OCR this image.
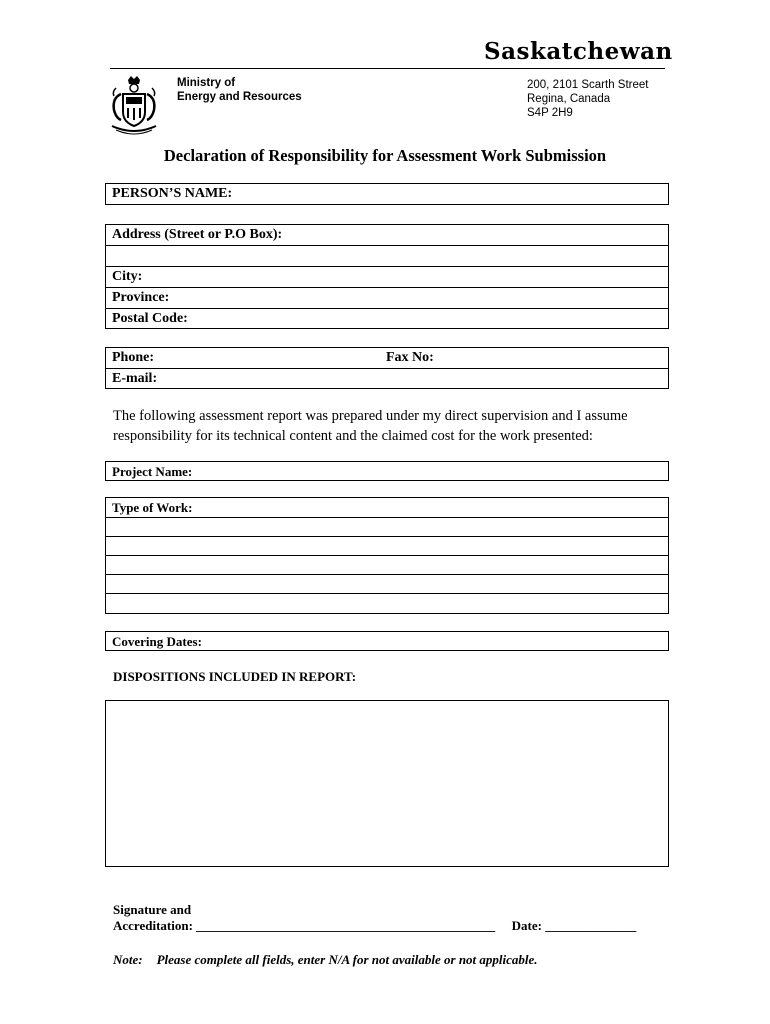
Saskatchewan
Ministry of
Energy and Resources
200, 2101 Scarth Street
Regina, Canada
S4P 2H9
Declaration of Responsibility for Assessment Work Submission
PERSON’S NAME:
Address (Street or P.O Box):
City:
Province:
Postal Code:
Phone:	Fax No:
E-mail:
The following assessment report was prepared under my direct supervision and I assume responsibility for its technical content and the claimed cost for the work presented:
Project Name:
Type of Work:
Covering Dates:
DISPOSITIONS INCLUDED IN REPORT:
Signature and
Accreditation: ______________________________________________ Date: ______________
Note: Please complete all fields, enter N/A for not available or not applicable.
